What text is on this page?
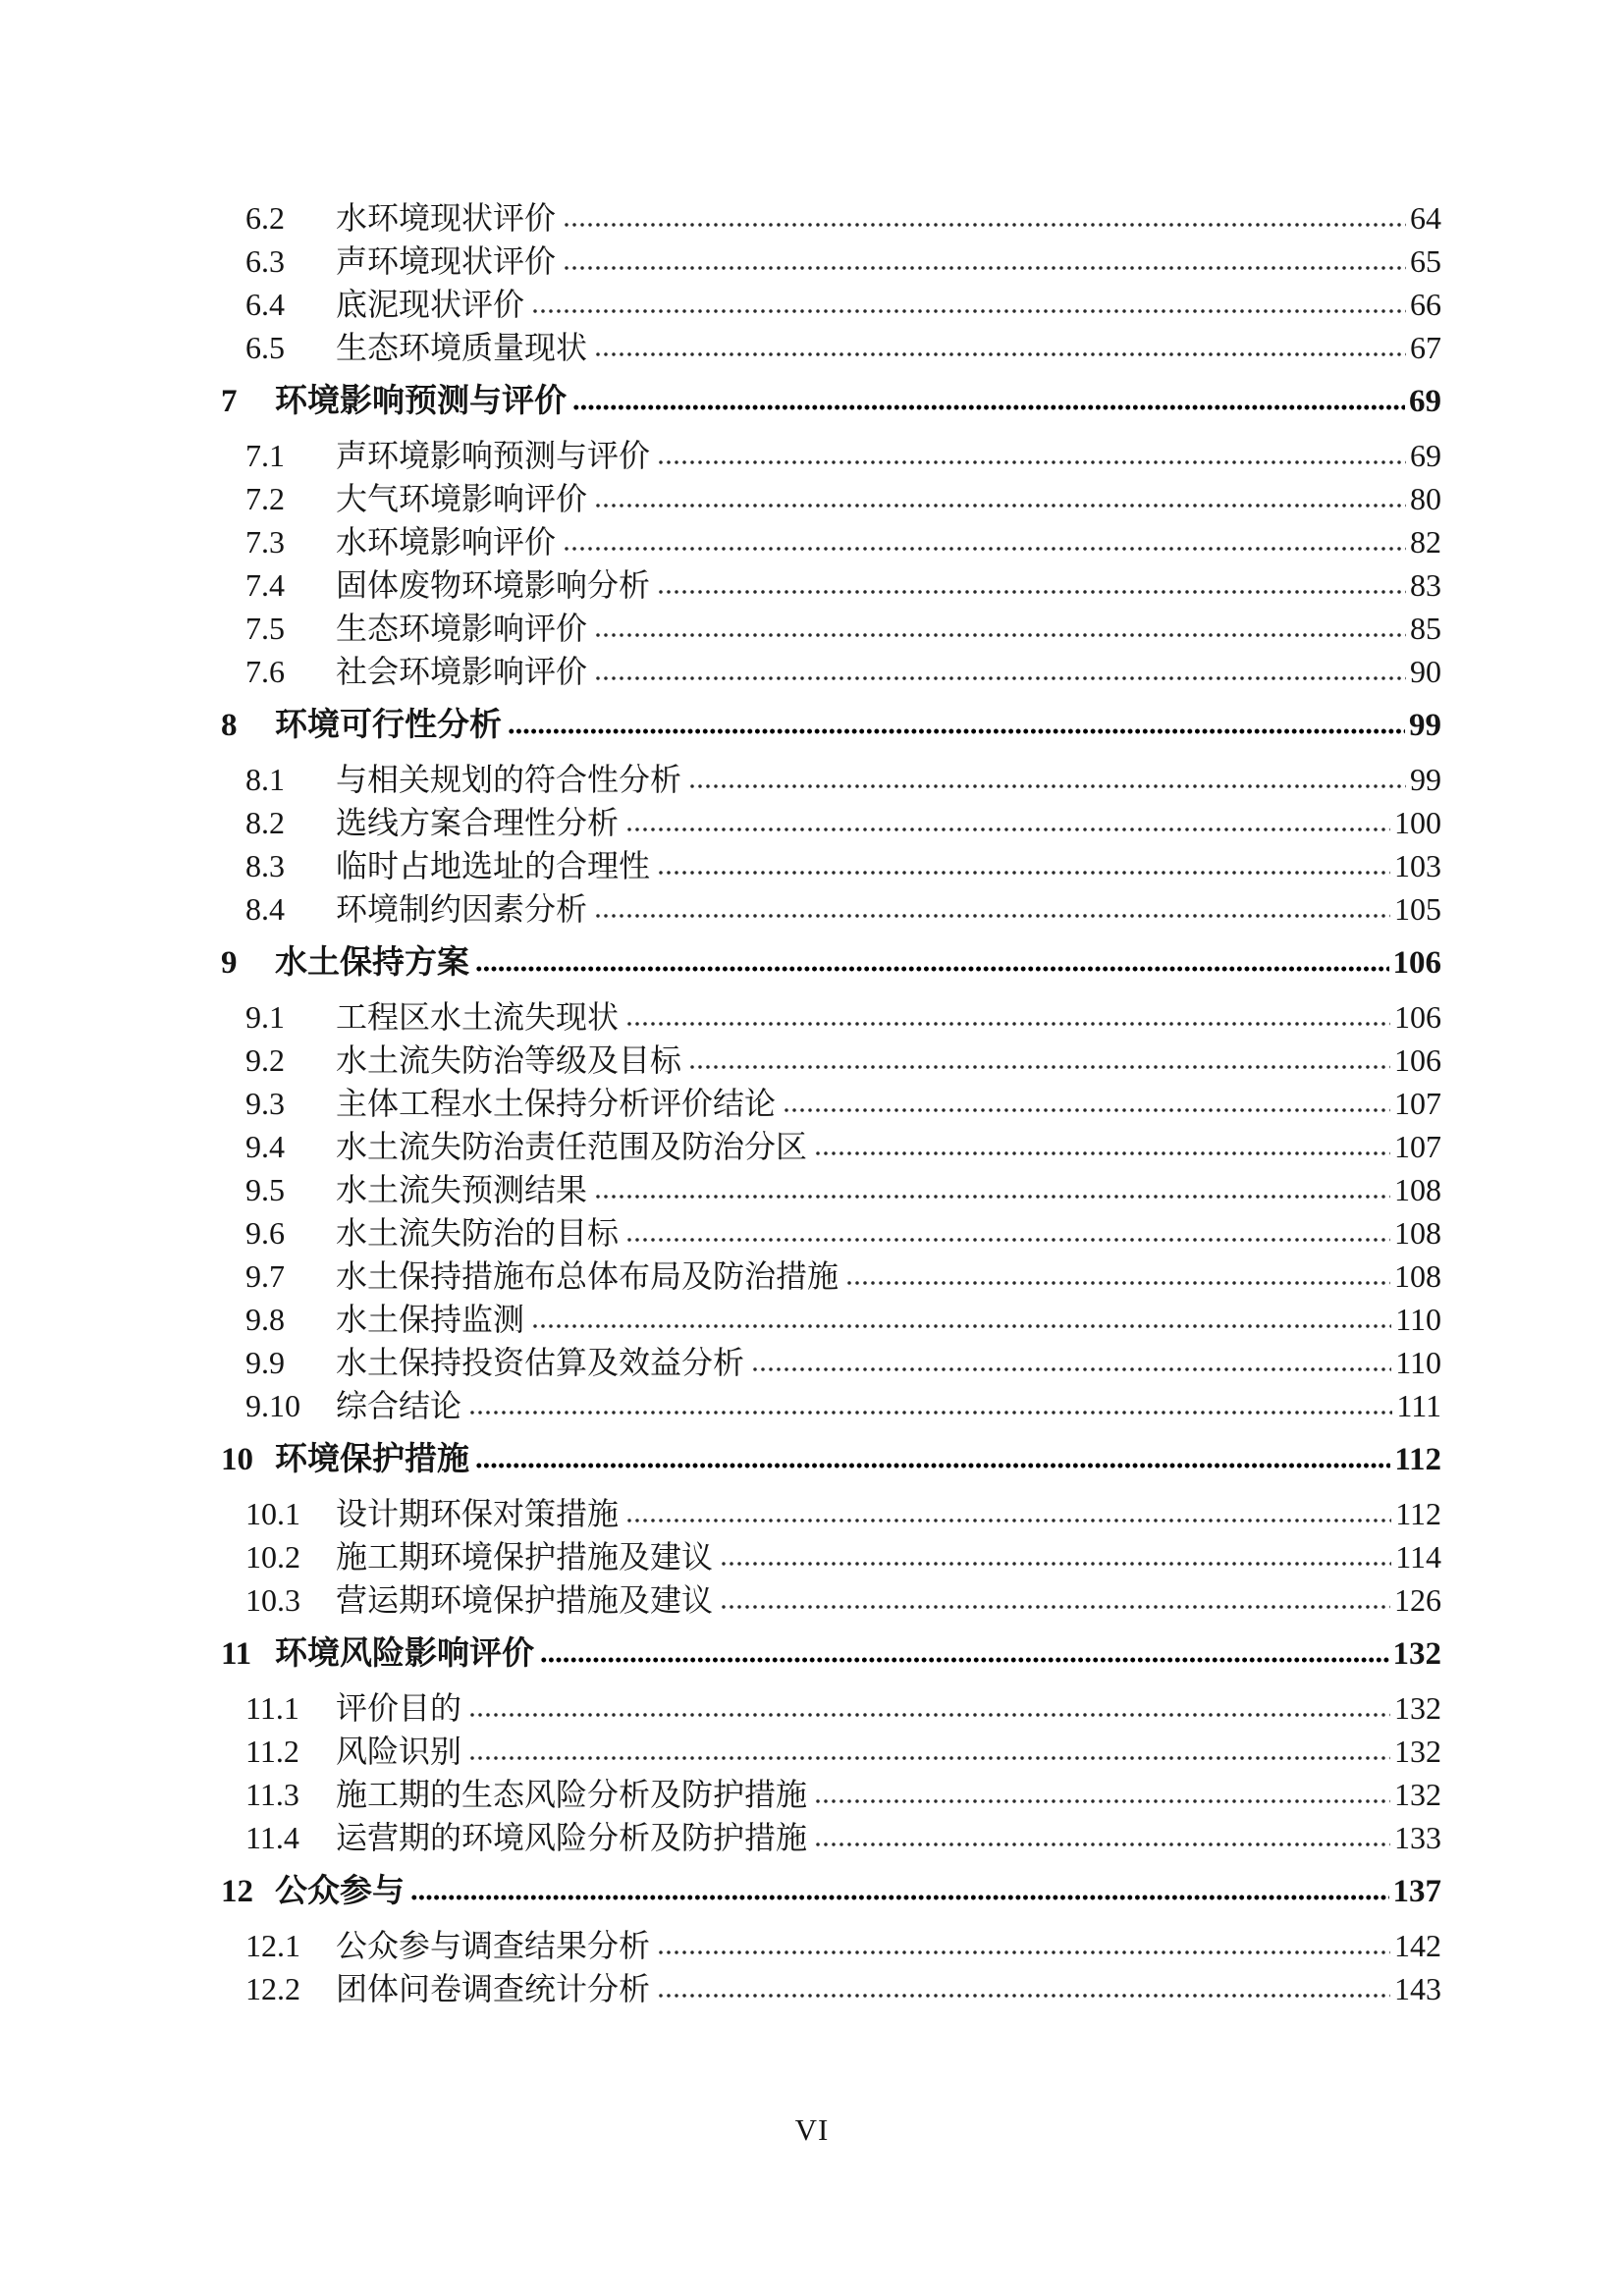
6.2	水环境现状评价	64
6.3	声环境现状评价	65
6.4	底泥现状评价	66
6.5	生态环境质量现状	67
7	环境影响预测与评价	69
7.1	声环境影响预测与评价	69
7.2	大气环境影响评价	80
7.3	水环境影响评价	82
7.4	固体废物环境影响分析	83
7.5	生态环境影响评价	85
7.6	社会环境影响评价	90
8	环境可行性分析	99
8.1	与相关规划的符合性分析	99
8.2	选线方案合理性分析	100
8.3	临时占地选址的合理性	103
8.4	环境制约因素分析	105
9	水土保持方案	106
9.1	工程区水土流失现状	106
9.2	水土流失防治等级及目标	106
9.3	主体工程水土保持分析评价结论	107
9.4	水土流失防治责任范围及防治分区	107
9.5	水土流失预测结果	108
9.6	水土流失防治的目标	108
9.7	水土保持措施布总体布局及防治措施	108
9.8	水土保持监测	110
9.9	水土保持投资估算及效益分析	110
9.10	综合结论	111
10 环境保护措施	112
10.1	设计期环保对策措施	112
10.2	施工期环境保护措施及建议	114
10.3	营运期环境保护措施及建议	126
11 环境风险影响评价	132
11.1	评价目的	132
11.2	风险识别	132
11.3	施工期的生态风险分析及防护措施	132
11.4	运营期的环境风险分析及防护措施	133
12 公众参与	137
12.1	公众参与调查结果分析	142
12.2	团体问卷调查统计分析	143
VI
